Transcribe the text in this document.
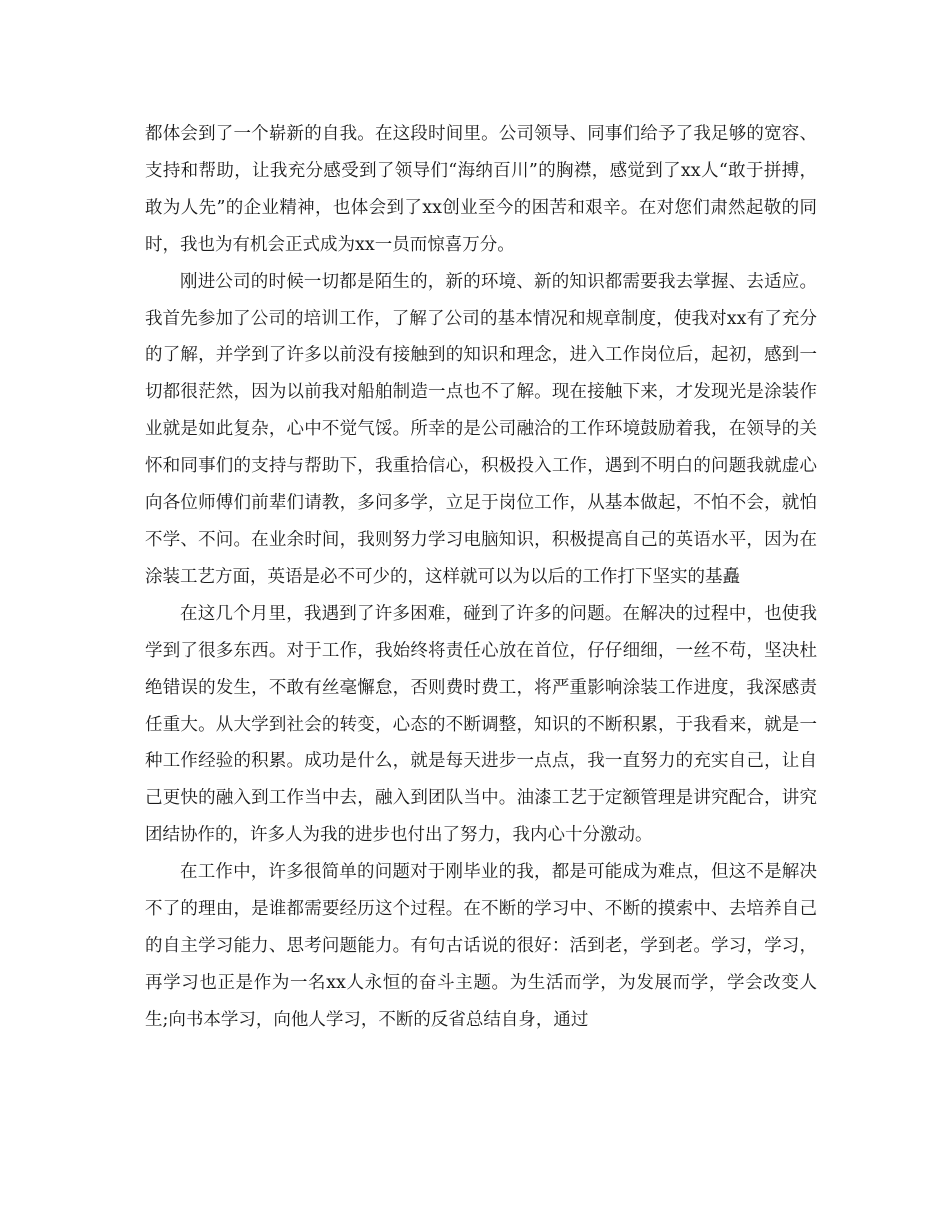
都体会到了一个崭新的自我。在这段时间里。公司领导、同事们给予了我足够的宽容、支持和帮助，让我充分感受到了领导们“海纳百川”的胸襟，感觉到了xx人“敢于拼搏，敢为人先”的企业精神，也体会到了xx创业至今的困苦和艰辛。在对您们肃然起敬的同时，我也为有机会正式成为xx一员而惊喜万分。

刚进公司的时候一切都是陌生的，新的环境、新的知识都需要我去掌握、去适应。我首先参加了公司的培训工作，了解了公司的基本情况和规章制度，使我对xx有了充分的了解，并学到了许多以前没有接触到的知识和理念，进入工作岗位后，起初，感到一切都很茫然，因为以前我对船舶制造一点也不了解。现在接触下来，才发现光是涂装作业就是如此复杂，心中不觉气馁。所幸的是公司融洽的工作环境鼓励着我，在领导的关怀和同事们的支持与帮助下，我重拾信心，积极投入工作，遇到不明白的问题我就虚心向各位师傅们前辈们请教，多问多学，立足于岗位工作，从基本做起，不怕不会，就怕不学、不问。在业余时间，我则努力学习电脑知识，积极提高自己的英语水平，因为在涂装工艺方面，英语是必不可少的，这样就可以为以后的工作打下坚实的基矗

在这几个月里，我遇到了许多困难，碰到了许多的问题。在解决的过程中，也使我学到了很多东西。对于工作，我始终将责任心放在首位，仔仔细细，一丝不苟，坚决杜绝错误的发生，不敢有丝毫懈怠，否则费时费工，将严重影响涂装工作进度，我深感责任重大。从大学到社会的转变，心态的不断调整，知识的不断积累，于我看来，就是一种工作经验的积累。成功是什么，就是每天进步一点点，我一直努力的充实自己，让自己更快的融入到工作当中去，融入到团队当中。油漆工艺于定额管理是讲究配合，讲究团结协作的，许多人为我的进步也付出了努力，我内心十分激动。

在工作中，许多很简单的问题对于刚毕业的我，都是可能成为难点，但这不是解决不了的理由，是谁都需要经历这个过程。在不断的学习中、不断的摸索中、去培养自己的自主学习能力、思考问题能力。有句古话说的很好：活到老，学到老。学习，学习，再学习也正是作为一名xx人永恒的奋斗主题。为生活而学，为发展而学，学会改变人生;向书本学习，向他人学习，不断的反省总结自身，通过
